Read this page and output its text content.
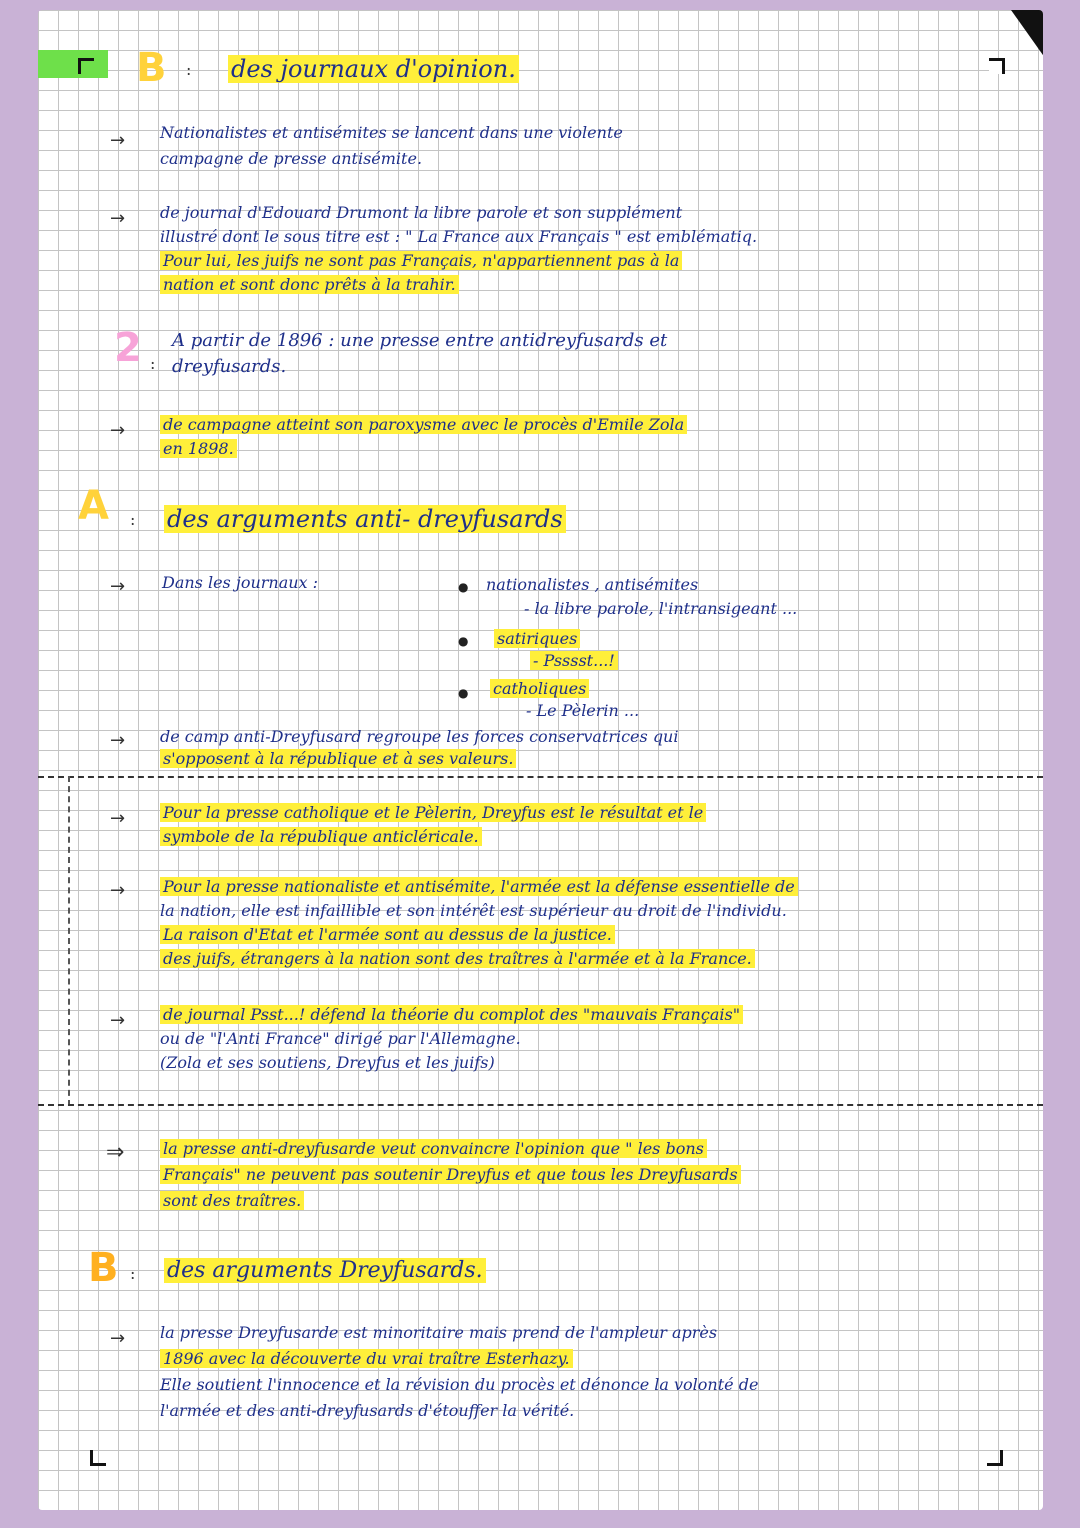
B : des journaux d'opinion.
→ Nationalistes et antisémites se lancent dans une violente
campagne de presse antisémite.
→ de journal d'Edouard Drumont la libre parole et son supplément
illustré dont le sous titre est : " La France aux Français " est emblématiq.
Pour lui, les juifs ne sont pas Français, n'appartiennent pas à la
nation et sont donc prêts à la trahir.
2 :
A partir de 1896 : une presse entre antidreyfusards et
dreyfusards.
→ de campagne atteint son paroxysme avec le procès d'Emile Zola
en 1898.
A : des arguments anti- dreyfusards
→ Dans les journaux :	● nationalistes , antisémites
- la libre parole, l'intransigeant ...
● satiriques
- Psssst...!
● catholiques
- Le Pèlerin ...
→ de camp anti-Dreyfusard regroupe les forces conservatrices qui
s'opposent à la république et à ses valeurs.
→ Pour la presse catholique et le Pèlerin, Dreyfus est le résultat et le
symbole de la république anticléricale.
→ Pour la presse nationaliste et antisémite, l'armée est la défense essentielle de
la nation, elle est infaillible et son intérêt est supérieur au droit de l'individu.
La raison d'Etat et l'armée sont au dessus de la justice.
des juifs, étrangers à la nation sont des traîtres à l'armée et à la France.
→ de journal Psst...! défend la théorie du complot des "mauvais Français"
ou de "l'Anti France" dirigé par l'Allemagne.
(Zola et ses soutiens, Dreyfus et les juifs)
⇒ la presse anti-dreyfusarde veut convaincre l'opinion que " les bons
Français" ne peuvent pas soutenir Dreyfus et que tous les Dreyfusards
sont des traîtres.
B : des arguments Dreyfusards.
→ la presse Dreyfusarde est minoritaire mais prend de l'ampleur après
1896 avec la découverte du vrai traître Esterhazy.
Elle soutient l'innocence et la révision du procès et dénonce la volonté de
l'armée et des anti-dreyfusards d'étouffer la vérité.
